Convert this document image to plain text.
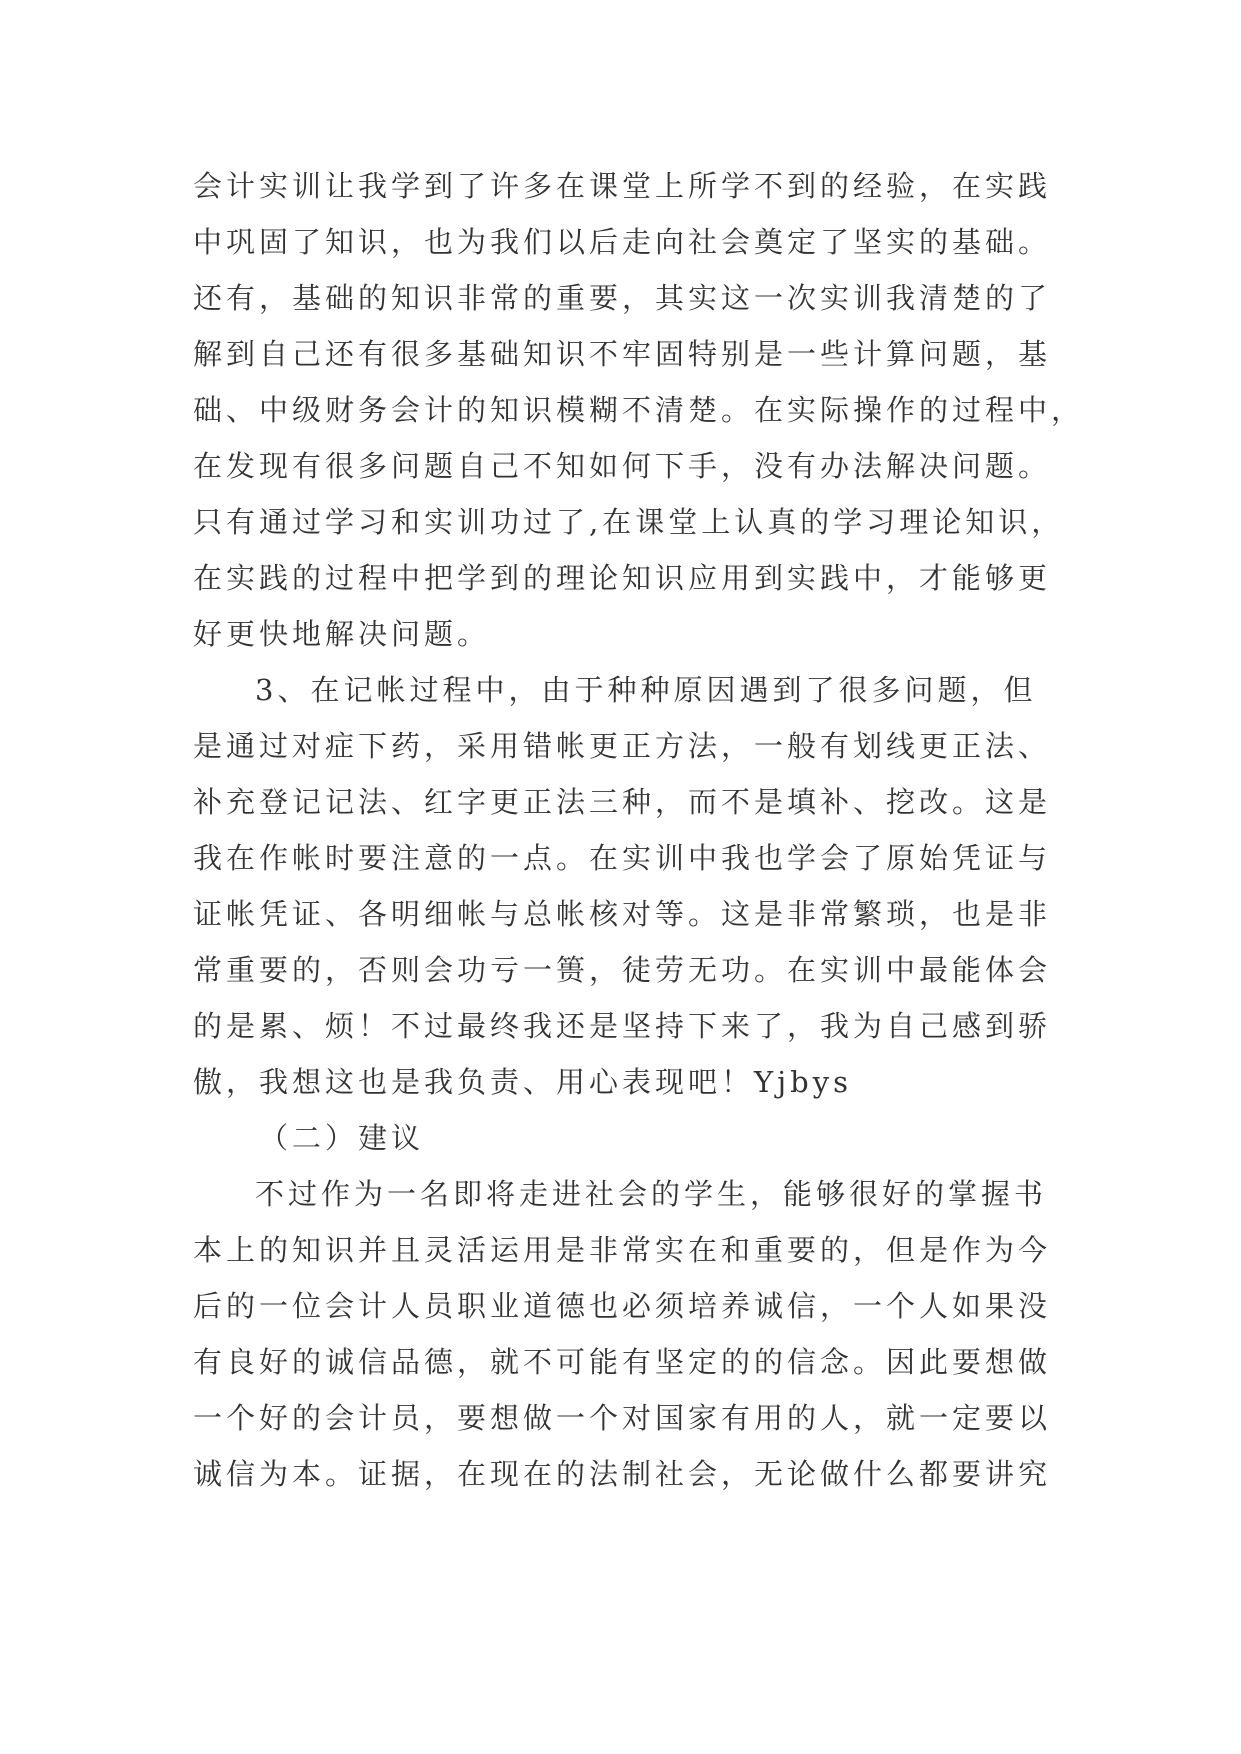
会计实训让我学到了许多在课堂上所学不到的经验，在实践
中巩固了知识，也为我们以后走向社会奠定了坚实的基础。
还有，基础的知识非常的重要，其实这一次实训我清楚的了
解到自己还有很多基础知识不牢固特别是一些计算问题，基
础、中级财务会计的知识模糊不清楚。在实际操作的过程中，
在发现有很多问题自己不知如何下手，没有办法解决问题。
只有通过学习和实训功过了,在课堂上认真的学习理论知识，
在实践的过程中把学到的理论知识应用到实践中，才能够更
好更快地解决问题。
3、在记帐过程中，由于种种原因遇到了很多问题，但
是通过对症下药，采用错帐更正方法，一般有划线更正法、
补充登记记法、红字更正法三种，而不是填补、挖改。这是
我在作帐时要注意的一点。在实训中我也学会了原始凭证与
证帐凭证、各明细帐与总帐核对等。这是非常繁琐，也是非
常重要的，否则会功亏一篑，徒劳无功。在实训中最能体会
的是累、烦！不过最终我还是坚持下来了，我为自己感到骄
傲，我想这也是我负责、用心表现吧！Yjbys
（二）建议
不过作为一名即将走进社会的学生，能够很好的掌握书
本上的知识并且灵活运用是非常实在和重要的，但是作为今
后的一位会计人员职业道德也必须培养诚信，一个人如果没
有良好的诚信品德，就不可能有坚定的的信念。因此要想做
一个好的会计员，要想做一个对国家有用的人，就一定要以
诚信为本。证据，在现在的法制社会，无论做什么都要讲究
